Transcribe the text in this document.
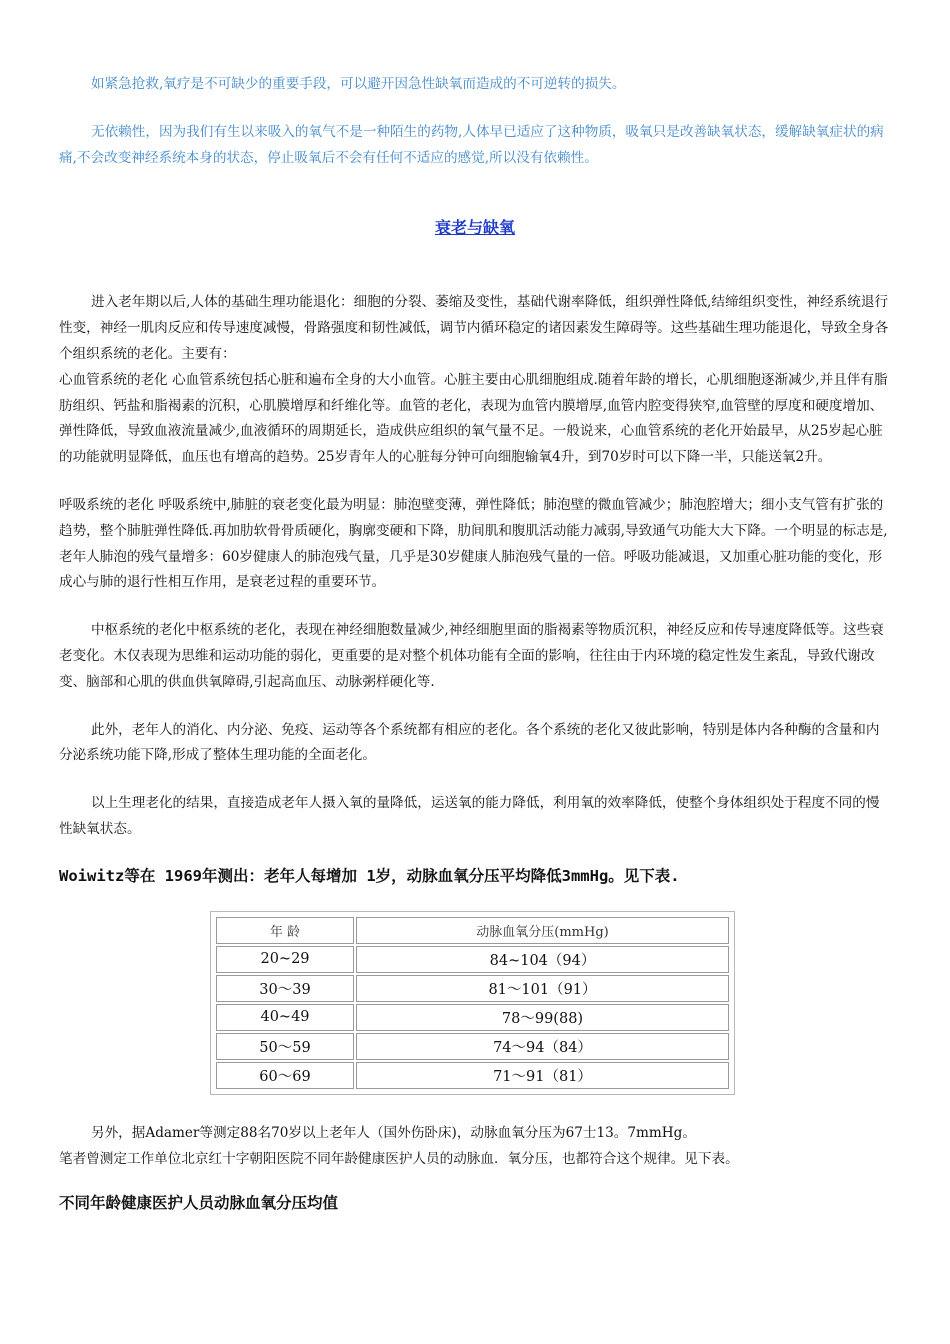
如紧急抢救,氧疗是不可缺少的重要手段，可以避开因急性缺氧而造成的不可逆转的损失。

无依赖性，因为我们有生以来吸入的氧气不是一种陌生的药物,人体早已适应了这种物质，吸氧只是改善缺氧状态，缓解缺氧症状的病痛,不会改变神经系统本身的状态，停止吸氧后不会有任何不适应的感觉,所以没有依赖性。

衰老与缺氧

进入老年期以后,人体的基础生理功能退化：细胞的分裂、萎缩及变性，基础代谢率降低，组织弹性降低,结缔组织变性，神经系统退行性变，神经一肌肉反应和传导速度减慢，骨路强度和韧性减低，调节内循环稳定的诸因素发生障碍等。这些基础生理功能退化，导致全身各个组织系统的老化。主要有：

心血管系统的老化 心血管系统包括心脏和遍布全身的大小血管。心脏主要由心肌细胞组成.随着年龄的增长，心肌细胞逐渐减少,并且伴有脂肪组织、钙盐和脂褐素的沉积，心肌膜增厚和纤维化等。血管的老化，表现为血管内膜增厚,血管内腔变得狭窄,血管壁的厚度和硬度增加、弹性降低，导致血液流量减少,血液循环的周期延长，造成供应组织的氧气量不足。一般说来，心血管系统的老化开始最早，从25岁起心脏的功能就明显降低，血压也有增高的趋势。25岁青年人的心脏每分钟可向细胞输氧4升，到70岁时可以下降一半，只能送氧2升。

呼吸系统的老化 呼吸系统中,肺脏的衰老变化最为明显：肺泡壁变薄，弹性降低；肺泡壁的微血管减少；肺泡腔增大；细小支气管有扩张的趋势，整个肺脏弹性降低.再加肋软骨骨质硬化，胸廓变硬和下降，肋间肌和腹肌活动能力减弱,导致通气功能大大下降。一个明显的标志是,老年人肺泡的残气量增多：60岁健康人的肺泡残气量，几乎是30岁健康人肺泡残气量的一倍。呼吸功能减退，又加重心脏功能的变化，形成心与肺的退行性相互作用，是衰老过程的重要环节。

中枢系统的老化中枢系统的老化，表现在神经细胞数量减少,神经细胞里面的脂褐素等物质沉积，神经反应和传导速度降低等。这些衰老变化。木仅表现为思维和运动功能的弱化，更重要的是对整个机体功能有全面的影响，往往由于内环境的稳定性发生紊乱，导致代谢改变、脑部和心肌的供血供氧障碍,引起高血压、动脉粥样硬化等.

此外，老年人的消化、内分泌、免疫、运动等各个系统都有相应的老化。各个系统的老化又彼此影响，特别是体内各种酶的含量和内分泌系统功能下降,形成了整体生理功能的全面老化。

以上生理老化的结果，直接造成老年人摄入氧的量降低，运送氧的能力降低，利用氧的效率降低，使整个身体组织处于程度不同的慢性缺氧状态。

Woiwitz等在 1969年测出：老年人每增加 1岁，动脉血氧分压平均降低3mmHg。见下表.
年 龄	动脉血氧分压(mmHg)
20~29	84~104（94）
30～39	81～101（91）
40~49	78～99(88)
50～59	74～94（84）
60～69	71～91（81）

另外，据Adamer等测定88名70岁以上老年人（国外伤卧床)，动脉血氧分压为67士13。7mmHg。

笔者曾测定工作单位北京红十字朝阳医院不同年龄健康医护人员的动脉血．氧分压，也都符合这个规律。见下表。

不同年龄健康医护人员动脉血氧分压均值
